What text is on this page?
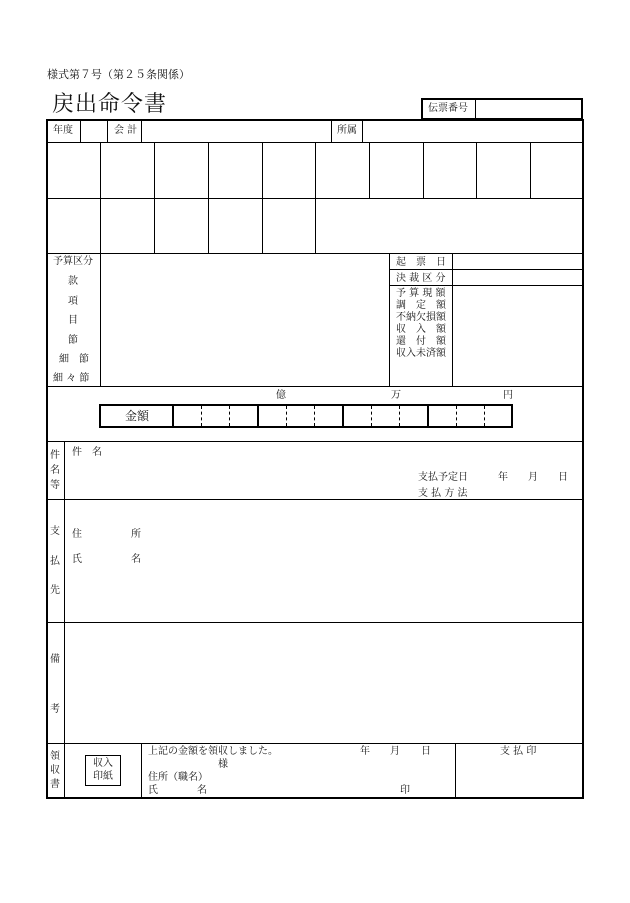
様式第７号（第２５条関係）
戻出命令書	伝票番号
年度	会 計	所属
予算区分
款
項
目
節
細　節
細 々 節
起　票　日
決 裁 区 分
予 算 現 額
調　定　額
不納欠損額
収　入　額
還　付　額
収入未済額
億	万	円
金額
件
名
等
件　名
支払予定日	年 月 日
支 払 方 法
支
払
先
住	所
氏	名
備
考
領
収
書
収入
印紙
上記の金額を領収しました。	年 月 日
様
住所（職名）
氏	名	印
支 払 印
